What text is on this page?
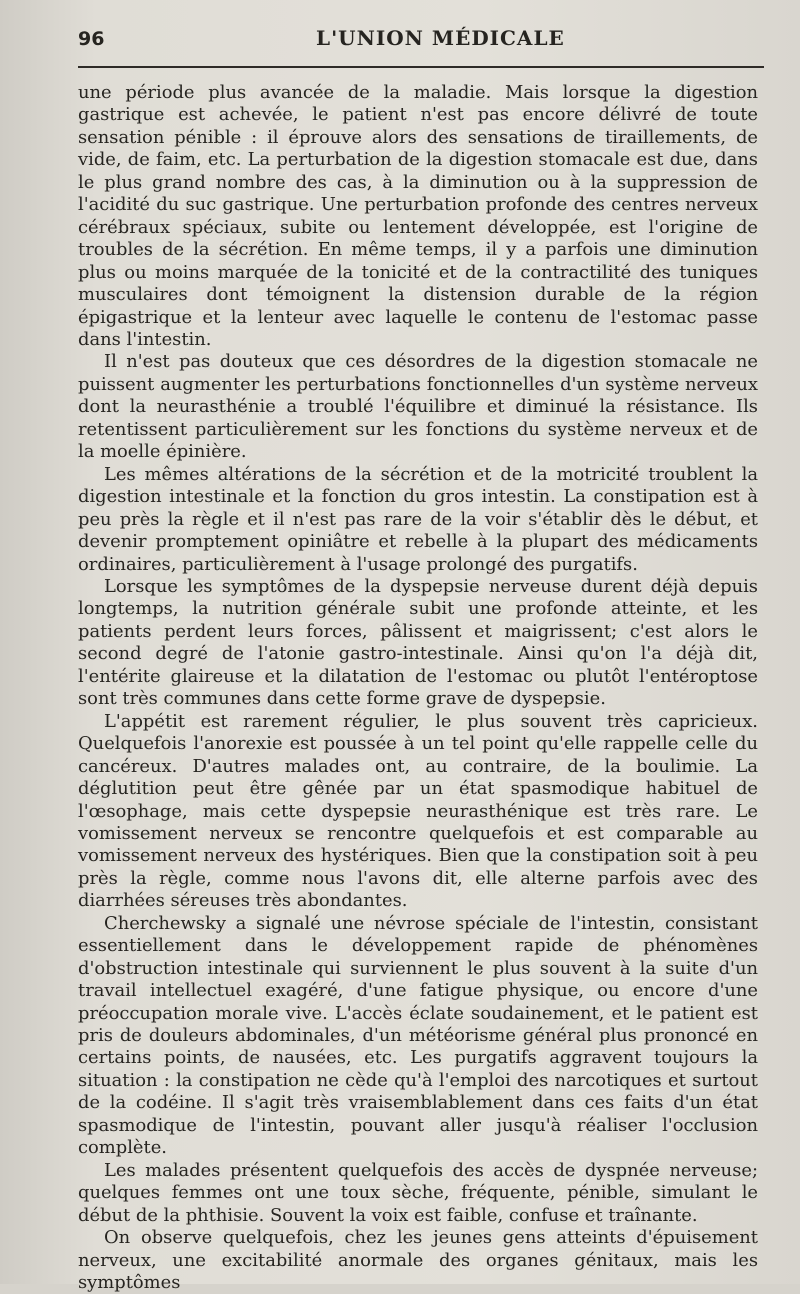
96	L'UNION MÉDICALE

une période plus avancée de la maladie. Mais lorsque la digestion gastrique est achevée, le patient n'est pas encore délivré de toute sensation pénible : il éprouve alors des sensations de tiraillements, de vide, de faim, etc. La perturbation de la digestion stomacale est due, dans le plus grand nombre des cas, à la diminution ou à la suppression de l'acidité du suc gastrique. Une perturbation profonde des centres nerveux cérébraux spéciaux, subite ou lentement développée, est l'origine de troubles de la sécrétion. En même temps, il y a parfois une diminution plus ou moins marquée de la tonicité et de la contractilité des tuniques musculaires dont témoignent la distension durable de la région épigastrique et la lenteur avec laquelle le contenu de l'estomac passe dans l'intestin.

Il n'est pas douteux que ces désordres de la digestion stomacale ne puissent augmenter les perturbations fonctionnelles d'un système nerveux dont la neurasthénie a troublé l'équilibre et diminué la résistance. Ils retentissent particulièrement sur les fonctions du système nerveux et de la moelle épinière.

Les mêmes altérations de la sécrétion et de la motricité troublent la digestion intestinale et la fonction du gros intestin. La constipation est à peu près la règle et il n'est pas rare de la voir s'établir dès le début, et devenir promptement opiniâtre et rebelle à la plupart des médicaments ordinaires, particulièrement à l'usage prolongé des purgatifs.

Lorsque les symptômes de la dyspepsie nerveuse durent déjà depuis longtemps, la nutrition générale subit une profonde atteinte, et les patients perdent leurs forces, pâlissent et maigrissent; c'est alors le second degré de l'atonie gastro-intestinale. Ainsi qu'on l'a déjà dit, l'entérite glaireuse et la dilatation de l'estomac ou plutôt l'entéroptose sont très communes dans cette forme grave de dyspepsie.

L'appétit est rarement régulier, le plus souvent très capricieux. Quelquefois l'anorexie est poussée à un tel point qu'elle rappelle celle du cancéreux. D'autres malades ont, au contraire, de la boulimie. La déglutition peut être gênée par un état spasmodique habituel de l'œsophage, mais cette dyspepsie neurasthénique est très rare. Le vomissement nerveux se rencontre quelquefois et est comparable au vomissement nerveux des hystériques. Bien que la constipation soit à peu près la règle, comme nous l'avons dit, elle alterne parfois avec des diarrhées séreuses très abondantes.

Cherchewsky a signalé une névrose spéciale de l'intestin, consistant essentiellement dans le développement rapide de phénomènes d'obstruction intestinale qui surviennent le plus souvent à la suite d'un travail intellectuel exagéré, d'une fatigue physique, ou encore d'une préoccupation morale vive. L'accès éclate soudainement, et le patient est pris de douleurs abdominales, d'un météorisme général plus prononcé en certains points, de nausées, etc. Les purgatifs aggravent toujours la situation : la constipation ne cède qu'à l'emploi des narcotiques et surtout de la codéine. Il s'agit très vraisemblablement dans ces faits d'un état spasmodique de l'intestin, pouvant aller jusqu'à réaliser l'occlusion complète.

Les malades présentent quelquefois des accès de dyspnée nerveuse; quelques femmes ont une toux sèche, fréquente, pénible, simulant le début de la phthisie. Souvent la voix est faible, confuse et traînante.

On observe quelquefois, chez les jeunes gens atteints d'épuisement nerveux, une excitabilité anormale des organes génitaux, mais les symptômes
